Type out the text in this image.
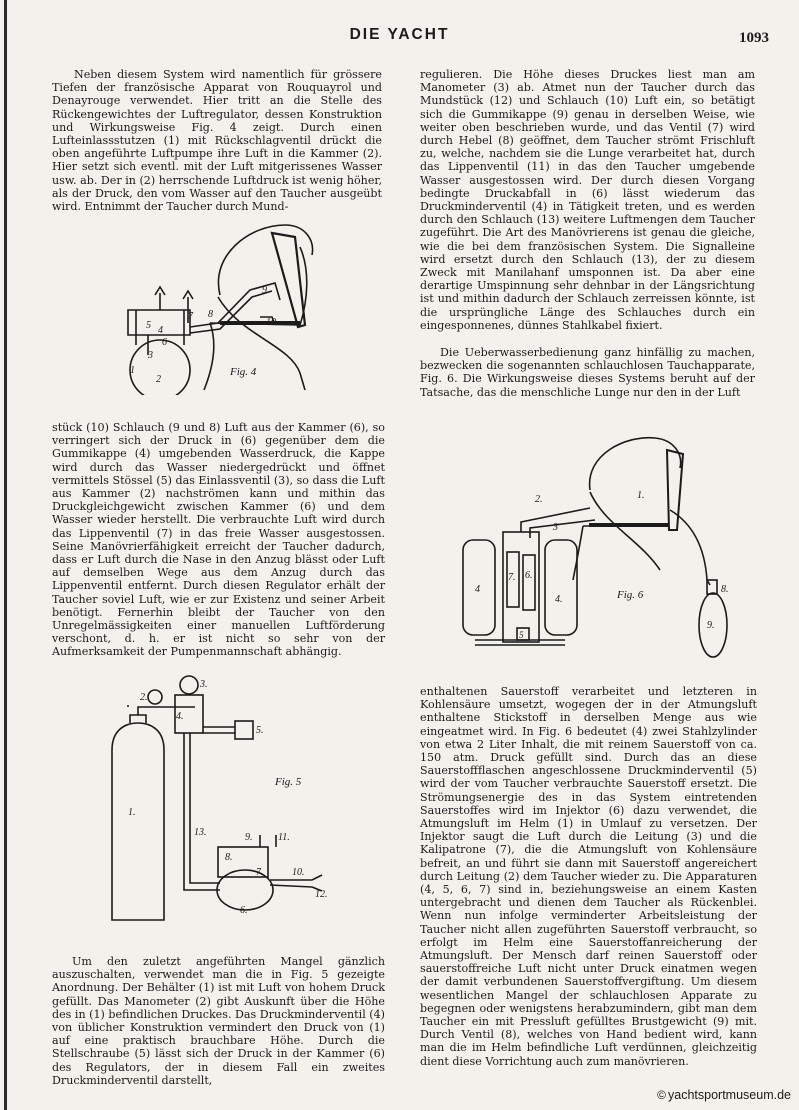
DIE YACHT	1093

Neben diesem System wird namentlich für grössere Tiefen der französische Apparat von Rouquayrol und Denayrouge verwendet. Hier tritt an die Stelle des Rückengewichtes der Luftregulator, dessen Konstruktion und Wirkungsweise Fig. 4 zeigt. Durch einen Lufteinlassstutzen (1) mit Rückschlagventil drückt die oben angeführte Luftpumpe ihre Luft in die Kammer (2). Hier setzt sich eventl. mit der Luft mitgerissenes Wasser usw. ab. Der in (2) herrschende Luftdruck ist wenig höher, als der Druck, den vom Wasser auf den Taucher ausgeübt wird. Entnimmt der Taucher durch Mund-

regulieren. Die Höhe dieses Druckes liest man am Manometer (3) ab. Atmet nun der Taucher durch das Mundstück (12) und Schlauch (10) Luft ein, so betätigt sich die Gummikappe (9) genau in derselben Weise, wie weiter oben beschrieben wurde, und das Ventil (7) wird durch Hebel (8) geöffnet, dem Taucher strömt Frischluft zu, welche, nachdem sie die Lunge verarbeitet hat, durch das Lippenventil (11) in das den Taucher umgebende Wasser ausgestossen wird. Der durch diesen Vorgang bedingte Druckabfall in (6) lässt wiederum das Druckminderventil (4) in Tätigkeit treten, und es werden durch den Schlauch (13) weitere Luftmengen dem Taucher zugeführt. Die Art des Manövrierens ist genau die gleiche, wie die bei dem französischen System. Die Signalleine wird ersetzt durch den Schlauch (13), der zu diesem Zweck mit Manilahanf umsponnen ist. Da aber eine derartige Umspinnung sehr dehnbar in der Längsrichtung ist und mithin dadurch der Schlauch zerreissen könnte, ist die ursprüngliche Länge des Schlauches durch ein eingesponnenes, dünnes Stahlkabel fixiert.

Die Ueberwasserbedienung ganz hinfällig zu machen, bezwecken die sogenannten schlauchlosen Tauchapparate, Fig. 6. Die Wirkungsweise dieses Systems beruht auf der Tatsache, das die menschliche Lunge nur den in der Luft

stück (10) Schlauch (9 und 8) Luft aus der Kammer (6), so verringert sich der Druck in (6) gegenüber dem die Gummikappe (4) umgebenden Wasserdruck, die Kappe wird durch das Wasser niedergedrückt und öffnet vermittels Stössel (5) das Einlassventil (3), so dass die Luft aus Kammer (2) nachströmen kann und mithin das Druckgleichgewicht zwischen Kammer (6) und dem Wasser wieder herstellt. Die verbrauchte Luft wird durch das Lippenventil (7) in das freie Wasser ausgestossen. Seine Manövrierfähigkeit erreicht der Taucher dadurch, dass er Luft durch die Nase in den Anzug blässt oder Luft auf demselben Wege aus dem Anzug durch das Lippenventil entfernt. Durch diesen Regulator erhält der Taucher soviel Luft, wie er zur Existenz und seiner Arbeit benötigt. Fernerhin bleibt der Taucher von den Unregelmässigkeiten einer manuellen Luftförderung verschont, d. h. er ist nicht so sehr von der Aufmerksamkeit der Pumpenmannschaft abhängig.

enthaltenen Sauerstoff verarbeitet und letzteren in Kohlensäure umsetzt, wogegen der in der Atmungsluft enthaltene Stickstoff in derselben Menge aus wie eingeatmet wird. In Fig. 6 bedeutet (4) zwei Stahlzylinder von etwa 2 Liter Inhalt, die mit reinem Sauerstoff von ca. 150 atm. Druck gefüllt sind. Durch das an diese Sauerstoffflaschen angeschlossene Druckminderventil (5) wird der vom Taucher verbrauchte Sauerstoff ersetzt. Die Strömungsenergie des in das System eintretenden Sauerstoffes wird im Injektor (6) dazu verwendet, die Atmungsluft im Helm (1) in Umlauf zu versetzen. Der Injektor saugt die Luft durch die Leitung (3) und die Kalipatrone (7), die die Atmungsluft von Kohlensäure befreit, an und führt sie dann mit Sauerstoff angereichert durch Leitung (2) dem Taucher wieder zu. Die Apparaturen (4, 5, 6, 7) sind in, beziehungsweise an einem Kasten untergebracht und dienen dem Taucher als Rückenblei. Wenn nun infolge verminderter Arbeitsleistung der Taucher nicht allen zugeführten Sauerstoff verbraucht, so erfolgt im Helm eine Sauerstoffanreicherung der Atmungsluft. Der Mensch darf reinen Sauerstoff oder sauerstoffreiche Luft nicht unter Druck einatmen wegen der damit verbundenen Sauerstoffvergiftung. Um diesem wesentlichen Mangel der schlauchlosen Apparate zu begegnen oder wenigstens herabzumindern, gibt man dem Taucher ein mit Pressluft gefülltes Brustgewicht (9) mit. Durch Ventil (8), welches von Hand bedient wird, kann man die im Helm befindliche Luft verdünnen, gleichzeitig dient diese Vorrichtung auch zum manövrieren.

Um den zuletzt angeführten Mangel gänzlich auszuschalten, verwendet man die in Fig. 5 gezeigte Anordnung. Der Behälter (1) ist mit Luft von hohem Druck gefüllt. Das Manometer (2) gibt Auskunft über die Höhe des in (1) befindlichen Druckes. Das Druckminderventil (4) von üblicher Konstruktion vermindert den Druck von (1) auf eine praktisch brauchbare Höhe. Durch die Stellschraube (5) lässt sich der Druck in der Kammer (6) des Regulators, der in diesem Fall ein zweites Druckminderventil darstellt,

5
7
4
6
3
2
1
8
9
10
Fig. 4
1.
2.
3
4
4.
5
6.
7.
8.
9.
Fig. 6
1.
2.
3.
4.
5.
6.
7.
8.
9.
10.
11.
12.
13.
Fig. 5
© yachtsportmuseum.de
